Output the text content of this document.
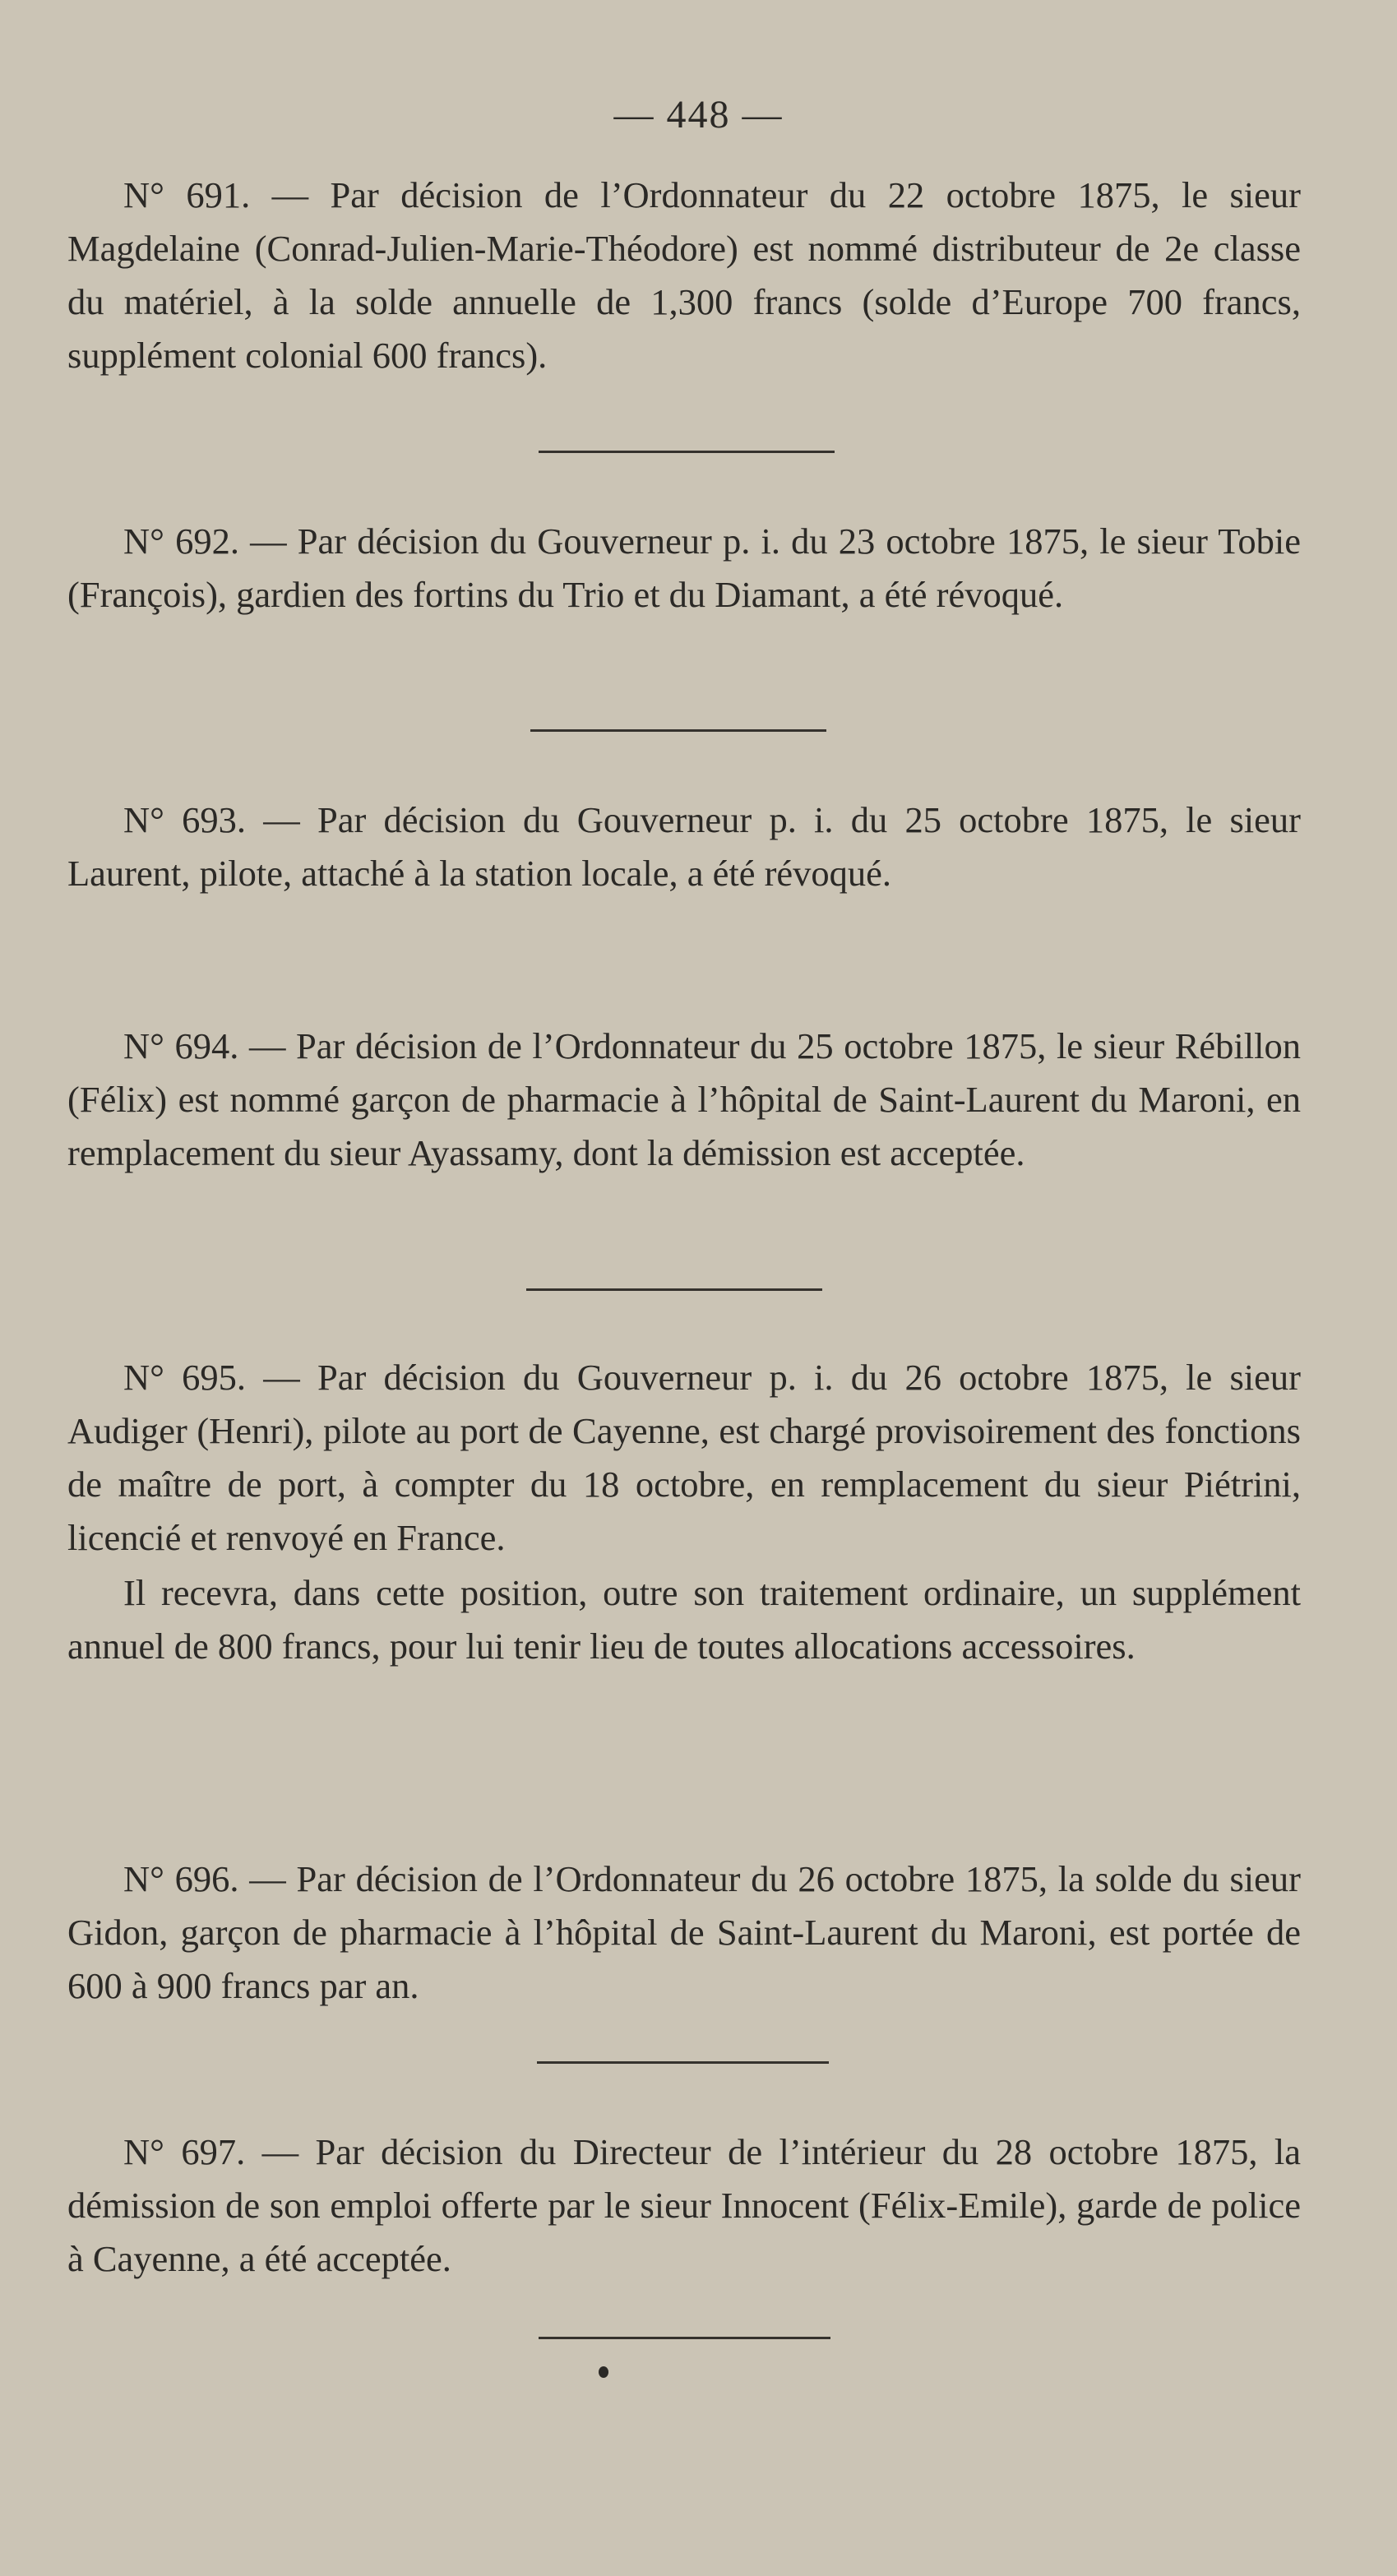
— 448 —

N° 691. — Par décision de l’Ordonnateur du 22 octobre 1875, le sieur Magdelaine (Conrad-Julien-Marie-Théodore) est nommé distributeur de 2e classe du matériel, à la solde annuelle de 1,300 francs (solde d’Europe 700 francs, supplément colonial 600 francs).

N° 692. — Par décision du Gouverneur p. i. du 23 octobre 1875, le sieur Tobie (François), gardien des fortins du Trio et du Diamant, a été révoqué.

N° 693. — Par décision du Gouverneur p. i. du 25 octobre 1875, le sieur Laurent, pilote, attaché à la station locale, a été révoqué.

N° 694. — Par décision de l’Ordonnateur du 25 octobre 1875, le sieur Rébillon (Félix) est nommé garçon de pharmacie à l’hôpital de Saint-Laurent du Maroni, en remplacement du sieur Ayassamy, dont la démission est acceptée.

N° 695. — Par décision du Gouverneur p. i. du 26 octobre 1875, le sieur Audiger (Henri), pilote au port de Cayenne, est chargé provisoirement des fonctions de maître de port, à compter du 18 octobre, en remplacement du sieur Piétrini, licencié et renvoyé en France.

Il recevra, dans cette position, outre son traitement ordinaire, un supplément annuel de 800 francs, pour lui tenir lieu de toutes allocations accessoires.

N° 696. — Par décision de l’Ordonnateur du 26 octobre 1875, la solde du sieur Gidon, garçon de pharmacie à l’hôpital de Saint-Laurent du Maroni, est portée de 600 à 900 francs par an.

N° 697. — Par décision du Directeur de l’intérieur du 28 octobre 1875, la démission de son emploi offerte par le sieur Innocent (Félix-Emile), garde de police à Cayenne, a été acceptée.
